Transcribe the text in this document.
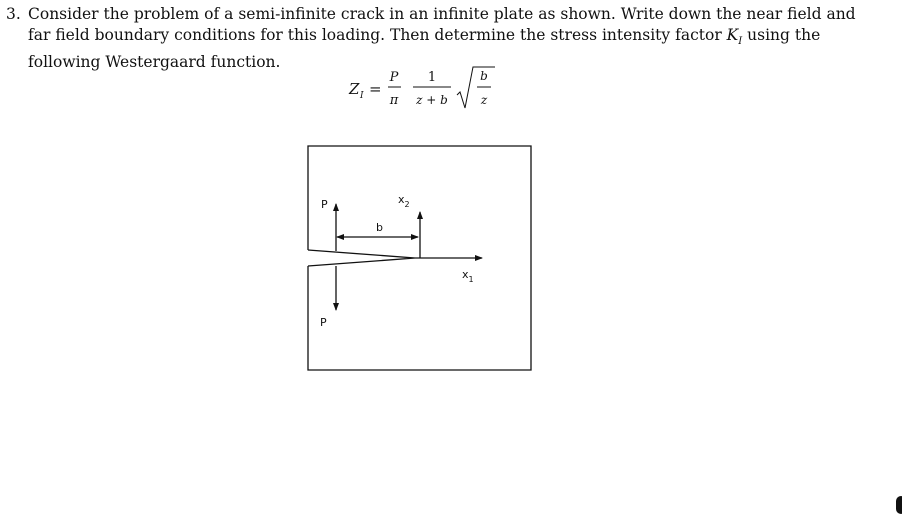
3. Consider the problem of a semi-infinite crack in an infinite plate as shown. Write down the near field and
far field boundary conditions for this loading. Then determine the stress intensity factor $K_I$ using the
following Westergaard function.
Z I =
P
π
1
z + b
b
z
P
P
b
$x_2$
$x_1$
